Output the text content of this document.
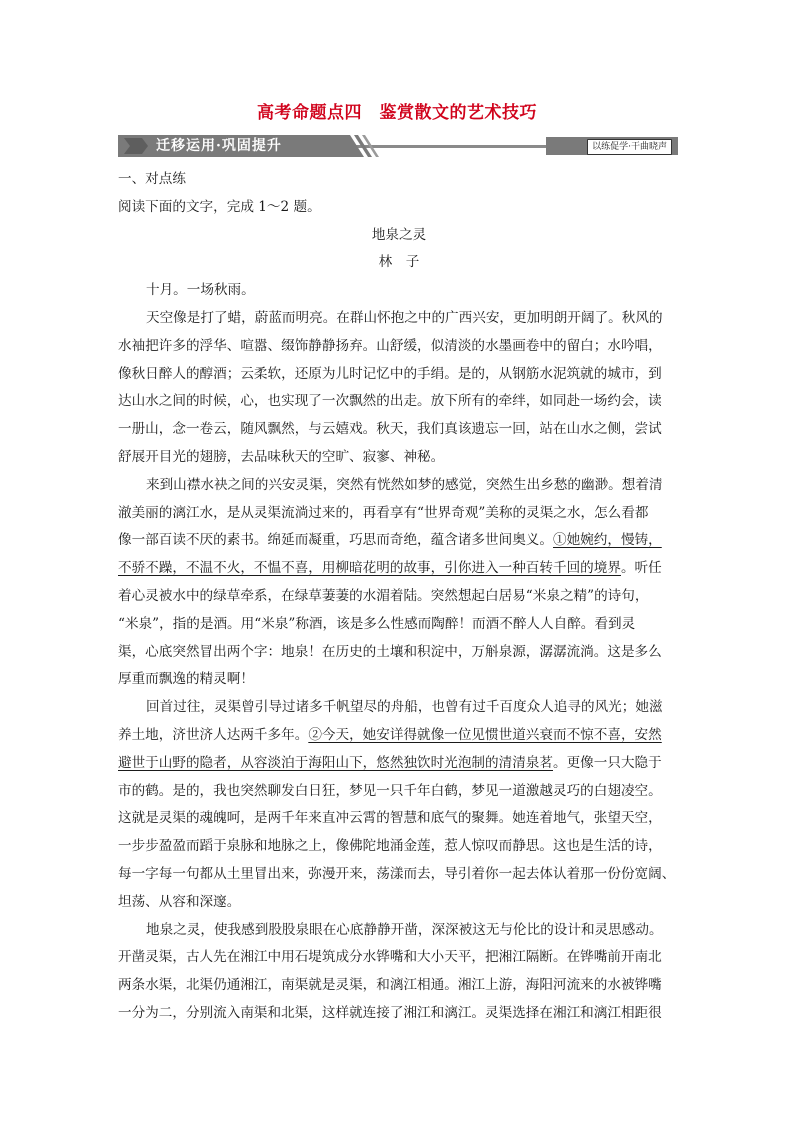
高考命题点四　鉴赏散文的艺术技巧
迁移运用·巩固提升	以练促学·干曲晓声
一、对点练
阅读下面的文字，完成 1～2 题。
地泉之灵
林　子
十月。一场秋雨。
天空像是打了蜡，蔚蓝而明亮。在群山怀抱之中的广西兴安，更加明朗开阔了。秋风的
水袖把许多的浮华、喧嚣、缀饰静静扬弃。山舒缓，似清淡的水墨画卷中的留白；水吟唱，
像秋日醉人的醇酒；云柔软，还原为儿时记忆中的手绢。是的，从钢筋水泥筑就的城市，到
达山水之间的时候，心，也实现了一次飘然的出走。放下所有的牵绊，如同赴一场约会，读
一册山，念一卷云，随风飘然，与云嬉戏。秋天，我们真该遗忘一回，站在山水之侧，尝试
舒展开目光的翅膀，去品味秋天的空旷、寂寥、神秘。
来到山襟水袂之间的兴安灵渠，突然有恍然如梦的感觉，突然生出乡愁的幽渺。想着清
澈美丽的漓江水，是从灵渠流淌过来的，再看享有“世界奇观”美称的灵渠之水，怎么看都
像一部百读不厌的素书。绵延而凝重，巧思而奇绝，蕴含诸多世间奥义。①她婉约，慢铸，
不骄不躁，不温不火，不愠不喜，用柳暗花明的故事，引你进入一种百转千回的境界。听任
着心灵被水中的绿草牵系，在绿草萋萋的水湄着陆。突然想起白居易“米泉之精”的诗句，
“米泉”，指的是酒。用“米泉”称酒，该是多么性感而陶醉！而酒不醉人人自醉。看到灵
渠，心底突然冒出两个字：地泉！在历史的土壤和积淀中，万斛泉源，潺潺流淌。这是多么
厚重而飘逸的精灵啊！
回首过往，灵渠曾引导过诸多千帆望尽的舟船，也曾有过千百度众人追寻的风光；她滋
养土地，济世济人达两千多年。②今天，她安详得就像一位见惯世道兴衰而不惊不喜，安然
避世于山野的隐者，从容淡泊于海阳山下，悠然独饮时光泡制的清清泉茗。更像一只大隐于
市的鹤。是的，我也突然聊发白日狂，梦见一只千年白鹤，梦见一道激越灵巧的白翅凌空。
这就是灵渠的魂魄呵，是两千年来直冲云霄的智慧和底气的聚舞。她连着地气，张望天空，
一步步盈盈而蹈于泉脉和地脉之上，像佛陀地涌金莲，惹人惊叹而静思。这也是生活的诗，
每一字每一句都从土里冒出来，弥漫开来，荡漾而去，导引着你一起去体认着那一份份宽阔、
坦荡、从容和深邃。
地泉之灵，使我感到股股泉眼在心底静静开凿，深深被这无与伦比的设计和灵思感动。
开凿灵渠，古人先在湘江中用石堤筑成分水铧嘴和大小天平，把湘江隔断。在铧嘴前开南北
两条水渠，北渠仍通湘江，南渠就是灵渠，和漓江相通。湘江上游，海阳河流来的水被铧嘴
一分为二，分别流入南渠和北渠，这样就连接了湘江和漓江。灵渠选择在湘江和漓江相距很
